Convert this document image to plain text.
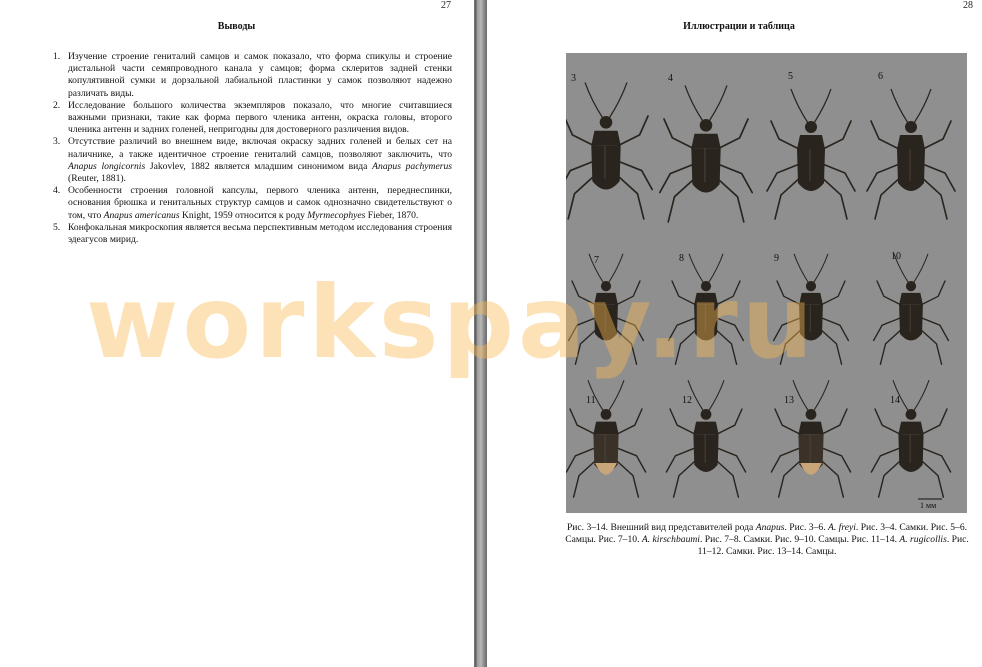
27
Выводы
1. Изучение строение гениталий самцов и самок показало, что форма спикулы и строение дистальной части семяпроводного канала у самцов; форма склеритов задней стенки копулятивной сумки и дорзальной лабиальной пластинки у самок позволяют надежно различать виды.
2. Исследование большого количества экземпляров показало, что многие считавшиеся важными признаки, такие как форма первого членика антенн, окраска головы, второго членика антенн и задних голеней, непригодны для достоверного различения видов.
3. Отсутствие различий во внешнем виде, включая окраску задних голеней и белых сет на наличнике, а также идентичное строение гениталий самцов, позволяют заключить, что Anapus longicornis Jakovlev, 1882 является младшим синонимом вида Anapus pachymerus (Reuter, 1881).
4. Особенности строения головной капсулы, первого членика антенн, переднеспинки, основания брюшка и генитальных структур самцов и самок однозначно свидетельствуют о том, что Anapus americanus Knight, 1959 относится к роду Myrmecophyes Fieber, 1870.
5. Конфокальная микроскопия является весьма перспективным методом исследования строения эдеагусов мирид.
28
Иллюстрации и таблица
1 мм
3	4	5	6
7	8	9	10
11	12	13	14
Рис. 3–14. Внешний вид представителей рода Anapus. Рис. 3–6. A. freyi. Рис. 3–4. Самки. Рис. 5–6. Самцы. Рис. 7–10. A. kirschbaumi. Рис. 7–8. Самки. Рис. 9–10. Самцы. Рис. 11–14. A. rugicollis. Рис. 11–12. Самки. Рис. 13–14. Самцы.
workspay.ru
